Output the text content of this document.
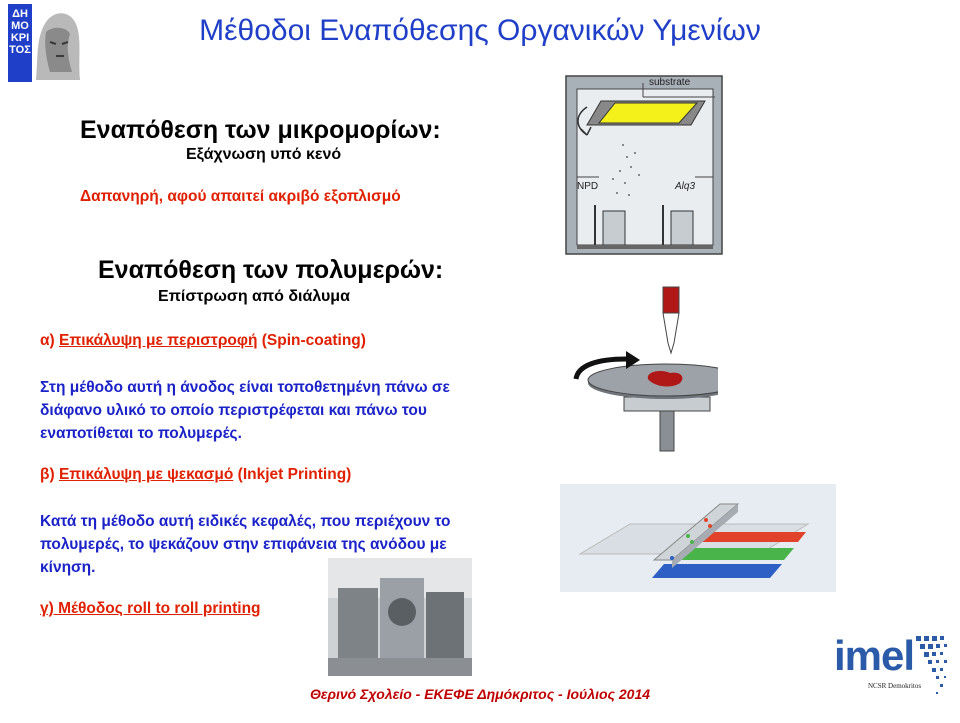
ΔΗΜΟΚΡΙΤΟΣ
Μέθοδοι Εναπόθεσης Οργανικών Υμενίων
Εναπόθεση των μικρομορίων:
Εξάχνωση υπό κενό
Δαπανηρή, αφού απαιτεί ακριβό εξοπλισμό
Εναπόθεση των πολυμερών:
Επίστρωση από διάλυμα
α) Επικάλυψη με περιστροφή (Spin-coating)
Στη μέθοδο αυτή η άνοδος είναι τοποθετημένη πάνω σε
διάφανο υλικό το οποίο περιστρέφεται και πάνω του
εναποτίθεται το πολυμερές.
β) Επικάλυψη με ψεκασμό (Inkjet Printing)
Κατά τη μέθοδο αυτή ειδικές κεφαλές, που περιέχουν το
πολυμερές, το ψεκάζουν στην επιφάνεια της ανόδου με
κίνηση.
γ) Μέθοδος roll to roll printing
substrate
NPD	Alq3
imel
NCSR Demokritos
Θερινό Σχολείο - ΕΚΕΦΕ Δημόκριτος - Ιούλιος 2014
